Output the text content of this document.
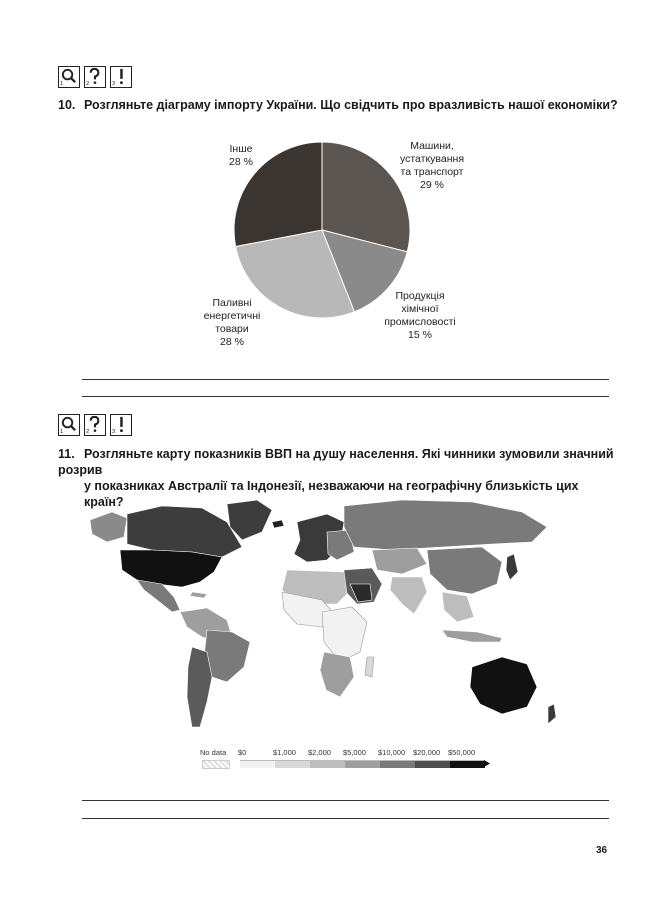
1	2	3
10. Розгляньте діаграму імпорту України. Що свідчить про вразливість нашої економіки?
Машини,
устаткування
та транспорт
29 %
Продукція
хімічної
промисловості
15 %
Паливні
енергетичні
товари
28 %
Інше
28 %
1	2	3
11. Розгляньте карту показників ВВП на душу населення. Які чинники зумовили значний розрив
у показниках Австралії та Індонезії, незважаючи на географічну близькість цих країн?
No data $0	$1,000 $2,000 $5,000 $10,000 $20,000 $50,000
36
